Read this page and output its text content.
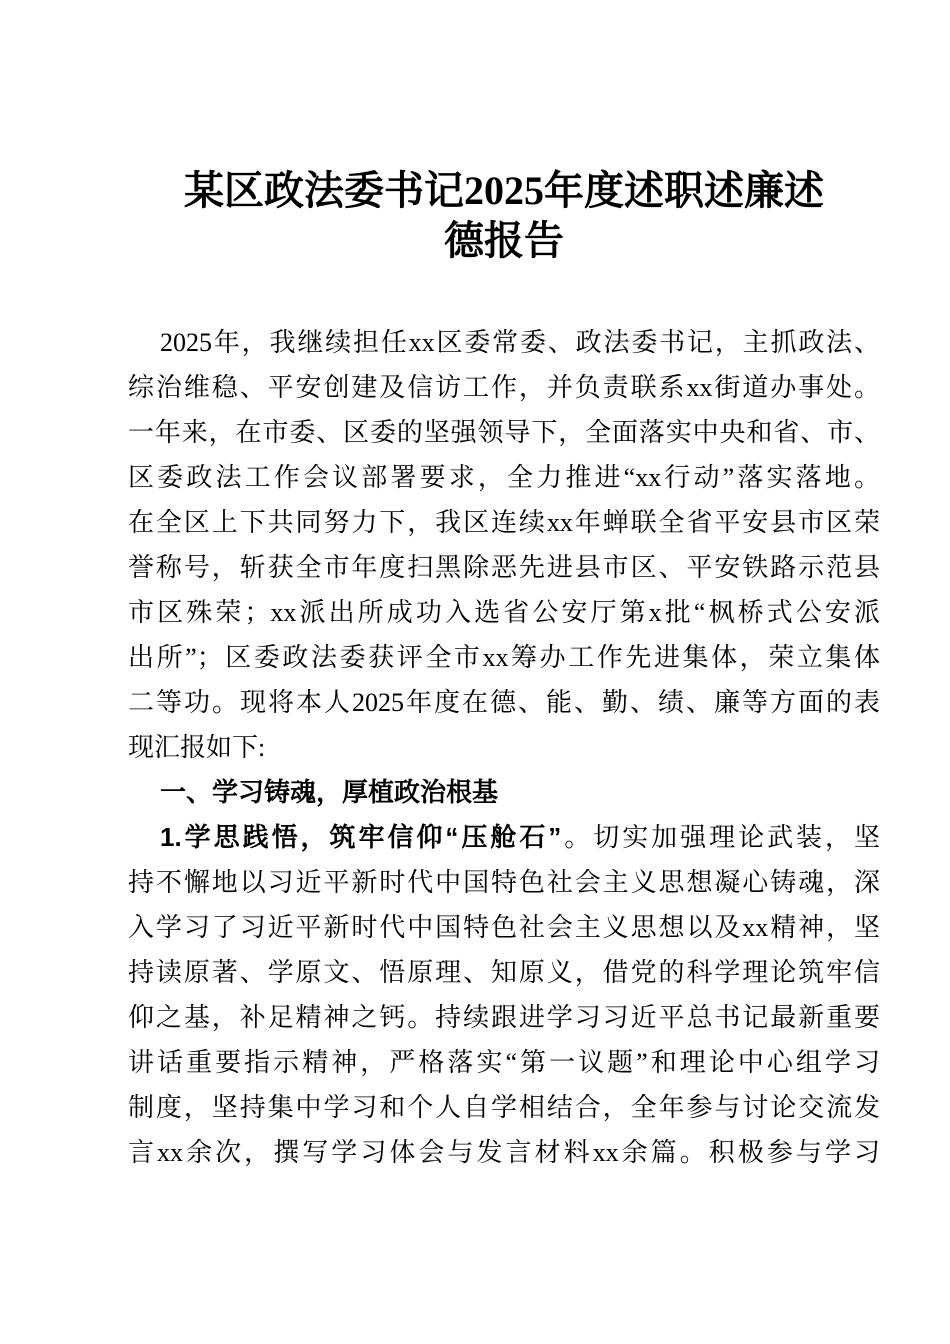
某区政法委书记2025年度述职述廉述
德报告
2025年，我继续担任xx区委常委、政法委书记，主抓政法、
综治维稳、平安创建及信访工作，并负责联系xx街道办事处。
一年来，在市委、区委的坚强领导下，全面落实中央和省、市、
区委政法工作会议部署要求，全力推进“xx行动”落实落地。
在全区上下共同努力下，我区连续xx年蝉联全省平安县市区荣
誉称号，斩获全市年度扫黑除恶先进县市区、平安铁路示范县
市区殊荣；xx派出所成功入选省公安厅第x批“枫桥式公安派
出所”；区委政法委获评全市xx筹办工作先进集体，荣立集体
二等功。现将本人2025年度在德、能、勤、绩、廉等方面的表
现汇报如下:
一、学习铸魂，厚植政治根基
1.学思践悟，筑牢信仰“压舱石”。切实加强理论武装，坚
持不懈地以习近平新时代中国特色社会主义思想凝心铸魂，深
入学习了习近平新时代中国特色社会主义思想以及xx精神，坚
持读原著、学原文、悟原理、知原义，借党的科学理论筑牢信
仰之基，补足精神之钙。持续跟进学习习近平总书记最新重要
讲话重要指示精神，严格落实“第一议题”和理论中心组学习
制度，坚持集中学习和个人自学相结合，全年参与讨论交流发
言xx余次，撰写学习体会与发言材料xx余篇。积极参与学习
